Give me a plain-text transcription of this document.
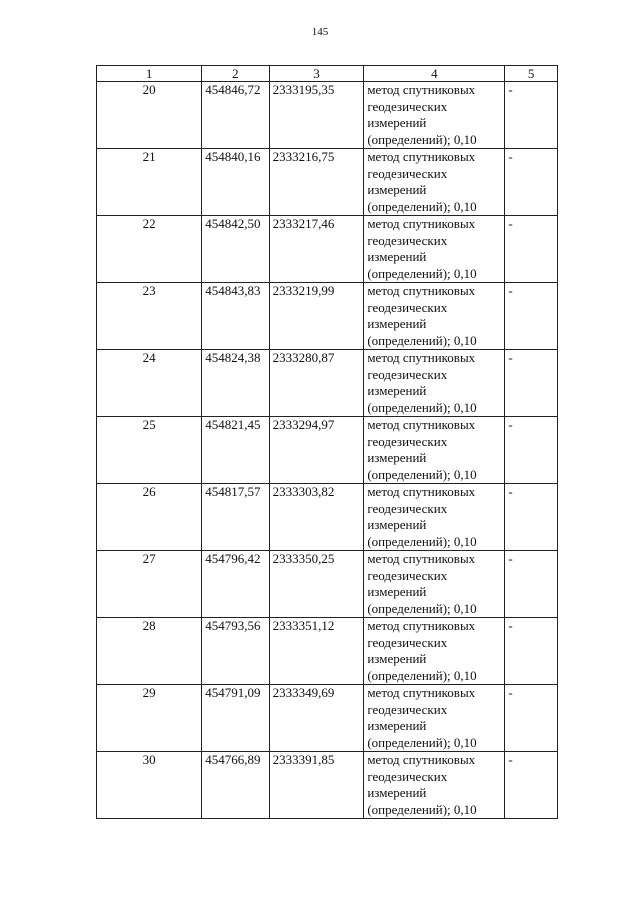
145
1	2	3	4	5
20	454846,72	2333195,35	метод спутниковых
геодезических
измерений
(определений); 0,10	-
21	454840,16	2333216,75	метод спутниковых
геодезических
измерений
(определений); 0,10	-
22	454842,50	2333217,46	метод спутниковых
геодезических
измерений
(определений); 0,10	-
23	454843,83	2333219,99	метод спутниковых
геодезических
измерений
(определений); 0,10	-
24	454824,38	2333280,87	метод спутниковых
геодезических
измерений
(определений); 0,10	-
25	454821,45	2333294,97	метод спутниковых
геодезических
измерений
(определений); 0,10	-
26	454817,57	2333303,82	метод спутниковых
геодезических
измерений
(определений); 0,10	-
27	454796,42	2333350,25	метод спутниковых
геодезических
измерений
(определений); 0,10	-
28	454793,56	2333351,12	метод спутниковых
геодезических
измерений
(определений); 0,10	-
29	454791,09	2333349,69	метод спутниковых
геодезических
измерений
(определений); 0,10	-
30	454766,89	2333391,85	метод спутниковых
геодезических
измерений
(определений); 0,10	-
